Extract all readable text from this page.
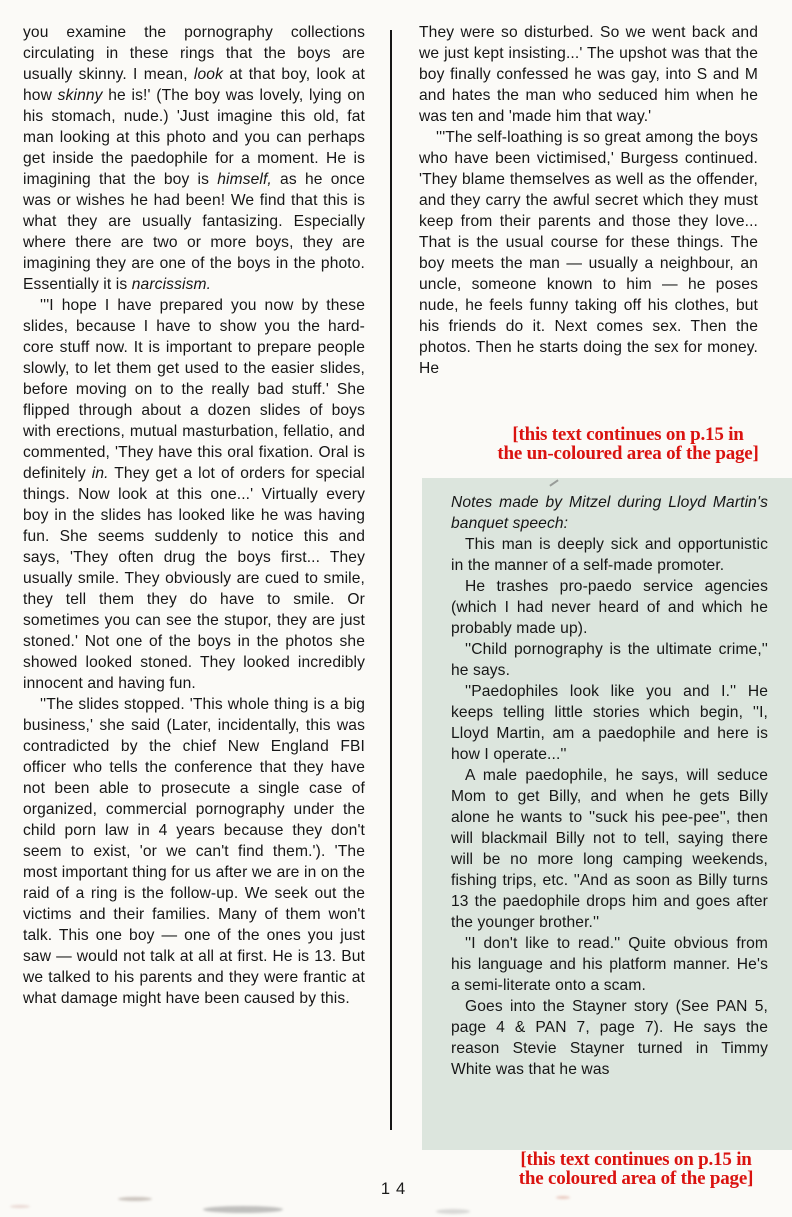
you examine the pornography collections circulating in these rings that the boys are usually skinny. I mean, look at that boy, look at how skinny he is!' (The boy was lovely, lying on his stomach, nude.) 'Just imagine this old, fat man looking at this photo and you can perhaps get inside the paedophile for a moment. He is imagining that the boy is himself, as he once was or wishes he had been! We find that this is what they are usually fantasizing. Especially where there are two or more boys, they are imagining they are one of the boys in the photo. Essentially it is narcissism.

'''I hope I have prepared you now by these slides, because I have to show you the hard-core stuff now. It is important to prepare people slowly, to let them get used to the easier slides, before moving on to the really bad stuff.' She flipped through about a dozen slides of boys with erections, mutual masturbation, fellatio, and commented, 'They have this oral fixation. Oral is definitely in. They get a lot of orders for special things. Now look at this one...' Virtually every boy in the slides has looked like he was having fun. She seems suddenly to notice this and says, 'They often drug the boys first... They usually smile. They obviously are cued to smile, they tell them they do have to smile. Or sometimes you can see the stupor, they are just stoned.' Not one of the boys in the photos she showed looked stoned. They looked incredibly innocent and having fun.

''The slides stopped. 'This whole thing is a big business,' she said (Later, incidentally, this was contradicted by the chief New England FBI officer who tells the conference that they have not been able to prosecute a single case of organized, commercial pornography under the child porn law in 4 years because they don't seem to exist, 'or we can't find them.'). 'The most important thing for us after we are in on the raid of a ring is the follow-up. We seek out the victims and their families. Many of them won't talk. This one boy — one of the ones you just saw — would not talk at all at first. He is 13. But we talked to his parents and they were frantic at what damage might have been caused by this.

They were so disturbed. So we went back and we just kept insisting...' The upshot was that the boy finally confessed he was gay, into S and M and hates the man who seduced him when he was ten and 'made him that way.'

'''The self-loathing is so great among the boys who have been victimised,' Burgess continued. 'They blame themselves as well as the offender, and they carry the awful secret which they must keep from their parents and those they love... That is the usual course for these things. The boy meets the man — usually a neighbour, an uncle, someone known to him — he poses nude, he feels funny taking off his clothes, but his friends do it. Next comes sex. Then the photos. Then he starts doing the sex for money. He

[this text continues on p.15 in
the un-coloured area of the page]
Notes made by Mitzel during Lloyd Martin's banquet speech:

This man is deeply sick and opportunistic in the manner of a self-made promoter.

He trashes pro-paedo service agencies (which I had never heard of and which he probably made up).

''Child pornography is the ultimate crime,'' he says.

''Paedophiles look like you and I.'' He keeps telling little stories which begin, ''I, Lloyd Martin, am a paedophile and here is how I operate...''

A male paedophile, he says, will seduce Mom to get Billy, and when he gets Billy alone he wants to ''suck his pee-pee'', then will blackmail Billy not to tell, saying there will be no more long camping weekends, fishing trips, etc. ''And as soon as Billy turns 13 the paedophile drops him and goes after the younger brother.''

''I don't like to read.'' Quite obvious from his language and his platform manner. He's a semi-literate onto a scam.

Goes into the Stayner story (See PAN 5, page 4 & PAN 7, page 7). He says the reason Stevie Stayner turned in Timmy White was that he was

[this text continues on p.15 in
the coloured area of the page]
14
